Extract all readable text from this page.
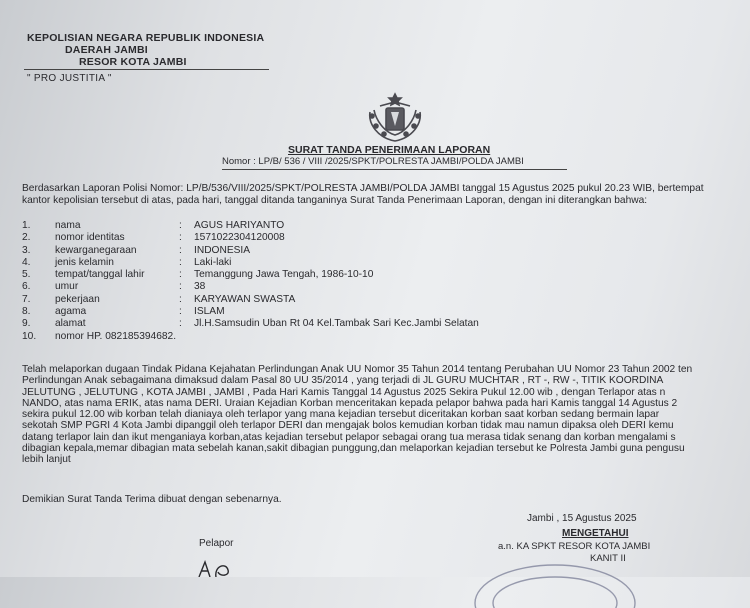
KEPOLISIAN NEGARA REPUBLIK INDONESIA
DAERAH JAMBI
RESOR KOTA JAMBI
" PRO JUSTITIA "
SURAT TANDA PENERIMAAN LAPORAN
Nomor : LP/B/ 536 / VIII /2025/SPKT/POLRESTA JAMBI/POLDA JAMBI
Berdasarkan Laporan Polisi Nomor: LP/B/536/VIII/2025/SPKT/POLRESTA JAMBI/POLDA JAMBI tanggal 15 Agustus 2025 pukul 20.23 WIB, bertempat
kantor kepolisian tersebut di atas, pada hari, tanggal ditanda tanganinya Surat Tanda Penerimaan Laporan, dengan ini diterangkan bahwa:
1. nama	: AGUS HARIYANTO
2. nomor identitas	: 1571022304120008
3. kewarganegaraan	: INDONESIA
4. jenis kelamin	: Laki-laki
5. tempat/tanggal lahir	: Temanggung Jawa Tengah, 1986-10-10
6. umur	: 38
7. pekerjaan	: KARYAWAN SWASTA
8. agama	: ISLAM
9. alamat	: Jl.H.Samsudin Uban Rt 04 Kel.Tambak Sari Kec.Jambi Selatan
10. nomor HP. 082185394682.
Telah melaporkan dugaan Tindak Pidana Kejahatan Perlindungan Anak UU Nomor 35 Tahun 2014 tentang Perubahan UU Nomor 23 Tahun 2002 ten
Perlindungan Anak sebagaimana dimaksud dalam Pasal 80 UU 35/2014 , yang terjadi di JL GURU MUCHTAR , RT -, RW -, TITIK KOORDINA
JELUTUNG , JELUTUNG , KOTA JAMBI , JAMBI , Pada Hari Kamis Tanggal 14 Agustus 2025 Sekira Pukul 12.00 wib , dengan Terlapor atas n
NANDO, atas nama ERIK, atas nama DERI. Uraian Kejadian Korban menceritakan kepada pelapor bahwa pada hari Kamis tanggal 14 Agustus 2
sekira pukul 12.00 wib korban telah dianiaya oleh terlapor yang mana kejadian tersebut diceritakan korban saat korban sedang bermain lapar
sekotah SMP PGRI 4 Kota Jambi dipanggil oleh terlapor DERI dan mengajak bolos kemudian korban tidak mau namun dipaksa oleh DERI kemu
datang terlapor lain dan ikut menganiaya korban,atas kejadian tersebut pelapor sebagai orang tua merasa tidak senang dan korban mengalami s
dibagian kepala,memar dibagian mata sebelah kanan,sakit dibagian punggung,dan melaporkan kejadian tersebut ke Polresta Jambi guna pengusu
lebih lanjut
Demikian Surat Tanda Terima dibuat dengan sebenarnya.
Jambi , 15 Agustus 2025
MENGETAHUI
a.n. KA SPKT RESOR KOTA JAMBI
KANIT II
Pelapor
